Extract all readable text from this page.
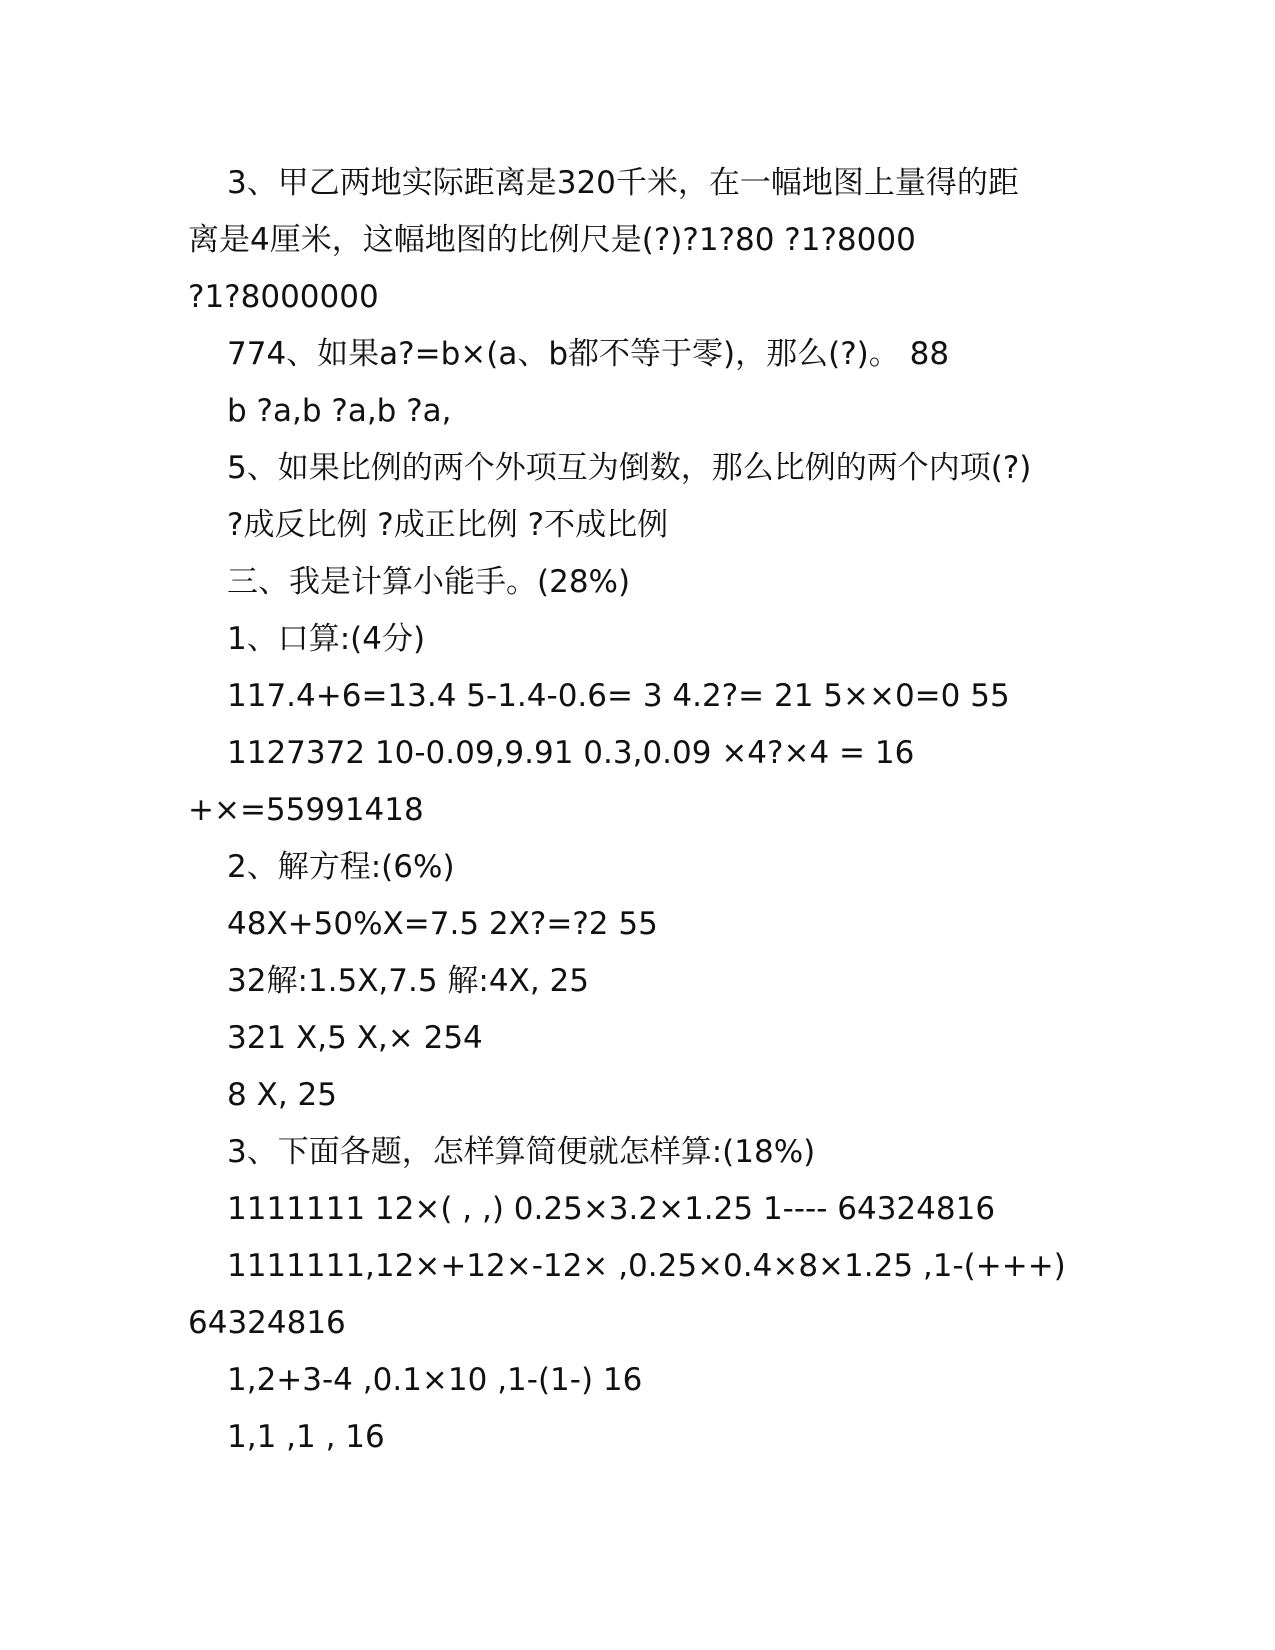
3、甲乙两地实际距离是320千米，在一幅地图上量得的距
离是4厘米，这幅地图的比例尺是(?)?1?80 ?1?8000
?1?8000000
774、如果a?=b×(a、b都不等于零)，那么(?)。 88
b ?a,b ?a,b ?a,
5、如果比例的两个外项互为倒数，那么比例的两个内项(?)
?成反比例 ?成正比例 ?不成比例
三、我是计算小能手。(28%)
1、口算:(4分)
117.4+6=13.4 5-1.4-0.6= 3 4.2?= 21 5××0=0 55
1127372 10-0.09,9.91 0.3,0.09 ×4?×4 = 16
+×=55991418
2、解方程:(6%)
48X+50%X=7.5 2X?=?2 55
32解:1.5X,7.5 解:4X, 25
321 X,5 X,× 254
8 X, 25
3、下面各题，怎样算简便就怎样算:(18%)
1111111 12×( , ,) 0.25×3.2×1.25 1---- 64324816
1111111,12×+12×-12× ,0.25×0.4×8×1.25 ,1-(+++)
64324816
1,2+3-4 ,0.1×10 ,1-(1-) 16
1,1 ,1 , 16
